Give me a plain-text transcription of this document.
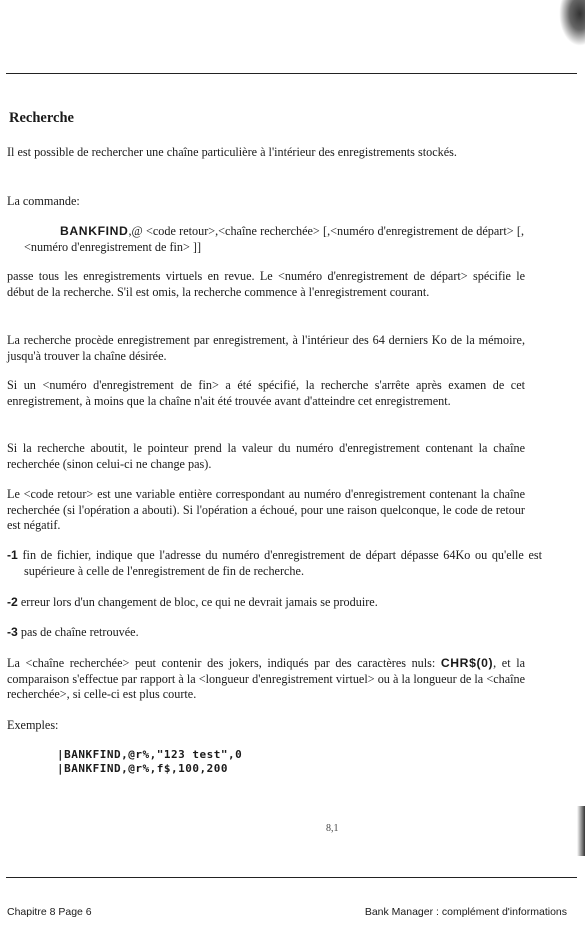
Recherche
Il est possible de rechercher une chaîne particulière à l'intérieur des enregistrements stockés.
La commande:
BANKFIND,@ <code retour>,<chaîne recherchée> [,<numéro d'enregistrement de départ> [,<numéro d'enregistrement de fin> ]]
passe tous les enregistrements virtuels en revue. Le <numéro d'enregistrement de départ> spécifie le début de la recherche. S'il est omis, la recherche commence à l'enregistrement courant.
La recherche procède enregistrement par enregistrement, à l'intérieur des 64 derniers Ko de la mémoire, jusqu'à trouver la chaîne désirée.
Si un <numéro d'enregistrement de fin> a été spécifié, la recherche s'arrête après examen de cet enregistrement, à moins que la chaîne n'ait été trouvée avant d'atteindre cet enregistrement.
Si la recherche aboutit, le pointeur prend la valeur du numéro d'enregistrement contenant la chaîne recherchée (sinon celui-ci ne change pas).
Le <code retour> est une variable entière correspondant au numéro d'enregistrement contenant la chaîne recherchée (si l'opération a abouti). Si l'opération a échoué, pour une raison quelconque, le code de retour est négatif.
-1 fin de fichier, indique que l'adresse du numéro d'enregistrement de départ dépasse 64Ko ou qu'elle est supérieure à celle de l'enregistrement de fin de recherche.
-2 erreur lors d'un changement de bloc, ce qui ne devrait jamais se produire.
-3 pas de chaîne retrouvée.
La <chaîne recherchée> peut contenir des jokers, indiqués par des caractères nuls: CHR$(0), et la comparaison s'effectue par rapport à la <longueur d'enregistrement virtuel> ou à la longueur de la <chaîne recherchée>, si celle-ci est plus courte.
Exemples:
|BANKFIND,@r%,"123 test",0
|BANKFIND,@r%,f$,100,200
8,1
Chapitre 8 Page 6	Bank Manager : complément d'informations
